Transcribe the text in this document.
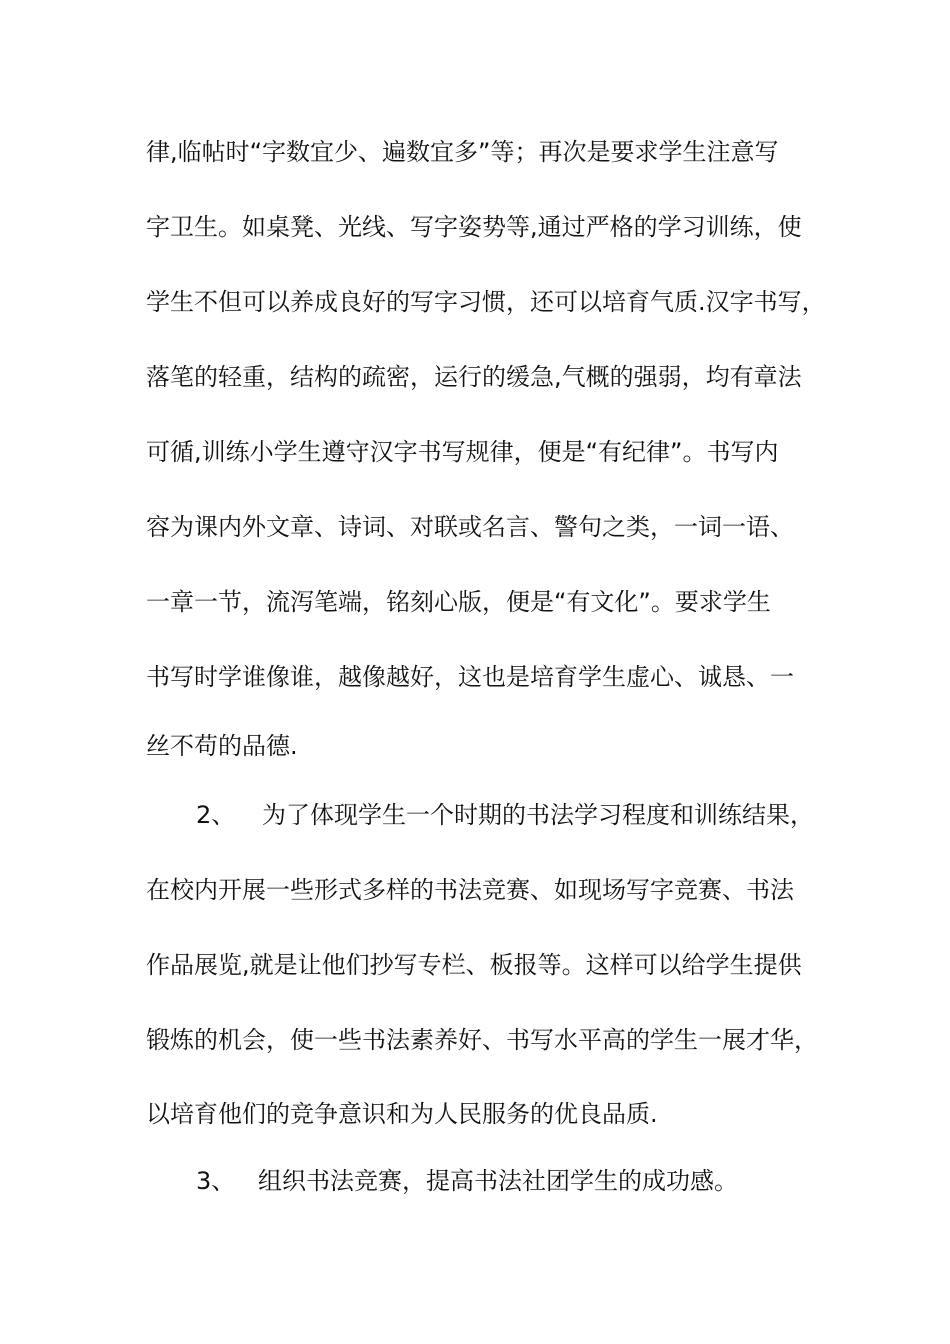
律,临帖时“字数宜少、遍数宜多”等；再次是要求学生注意写
字卫生。如桌凳、光线、写字姿势等,通过严格的学习训练，使
学生不但可以养成良好的写字习惯，还可以培育气质.汉字书写，
落笔的轻重，结构的疏密，运行的缓急,气概的强弱，均有章法
可循,训练小学生遵守汉字书写规律，便是“有纪律”。书写内
容为课内外文章、诗词、对联或名言、警句之类，一词一语、
一章一节，流泻笔端，铭刻心版，便是“有文化”。要求学生
书写时学谁像谁，越像越好，这也是培育学生虚心、诚恳、一
丝不苟的品德.
2、 为了体现学生一个时期的书法学习程度和训练结果，
在校内开展一些形式多样的书法竞赛、如现场写字竞赛、书法
作品展览,就是让他们抄写专栏、板报等。这样可以给学生提供
锻炼的机会，使一些书法素养好、书写水平高的学生一展才华，
以培育他们的竞争意识和为人民服务的优良品质.
3、 组织书法竞赛，提高书法社团学生的成功感。
